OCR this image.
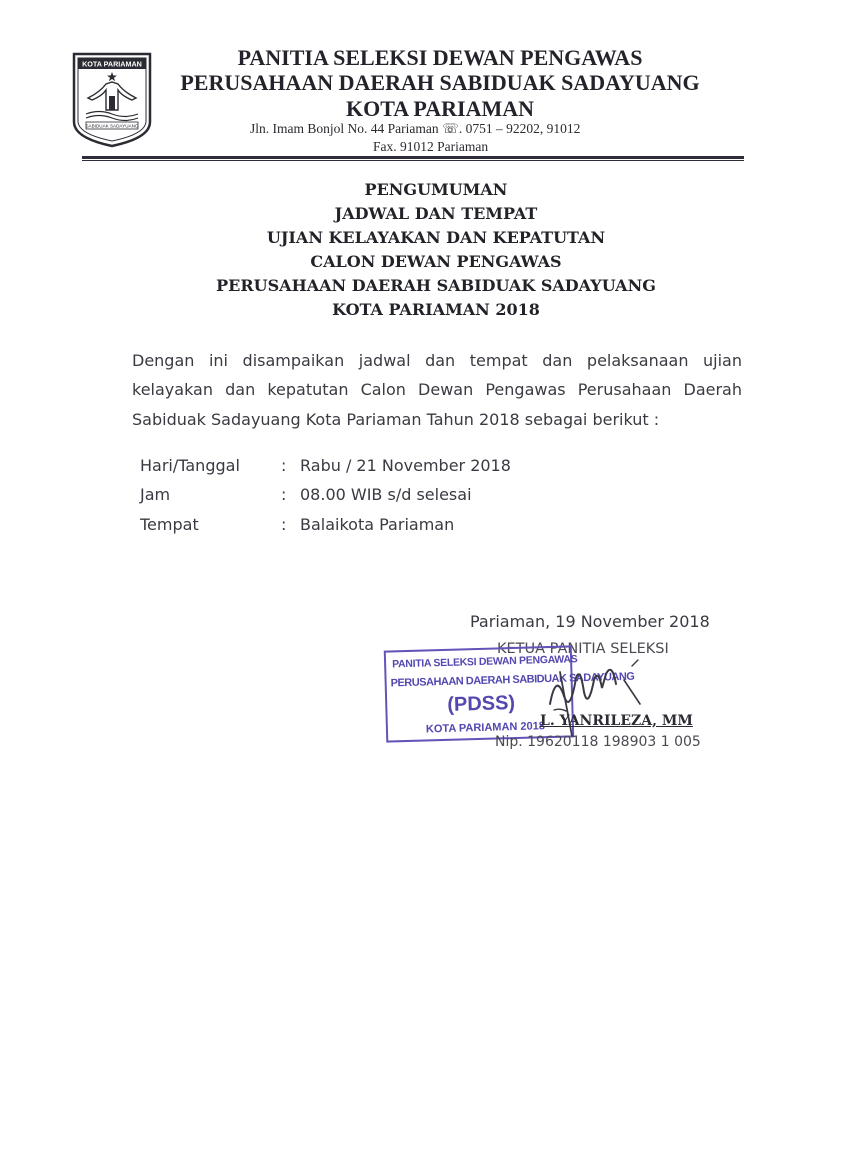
KOTA PARIAMAN
SABIDUAK SADAYUANG
PANITIA SELEKSI DEWAN PENGAWAS
PERUSAHAAN DAERAH SABIDUAK SADAYUANG
KOTA PARIAMAN
Jln. Imam Bonjol No. 44 Pariaman ☏. 0751 – 92202, 91012
Fax. 91012 Pariaman
PENGUMUMAN
JADWAL DAN TEMPAT
UJIAN KELAYAKAN DAN KEPATUTAN
CALON DEWAN PENGAWAS
PERUSAHAAN DAERAH SABIDUAK SADAYUANG
KOTA PARIAMAN 2018
Dengan ini disampaikan jadwal dan tempat dan pelaksanaan ujian
kelayakan dan kepatutan Calon Dewan Pengawas Perusahaan Daerah
Sabiduak Sadayuang Kota Pariaman Tahun 2018 sebagai berikut :
Hari/Tanggal	: Rabu / 21 November 2018
Jam	: 08.00 WIB s/d selesai
Tempat	: Balaikota Pariaman
Pariaman, 19 November 2018
KETUA PANITIA SELEKSI
PANITIA SELEKSI DEWAN PENGAWAS
PERUSAHAAN DAERAH SABIDUAK SADAYUANG
(PDSS)
KOTA PARIAMAN 2018
L. YANRILEZA, MM
Nip. 19620118 198903 1 005
